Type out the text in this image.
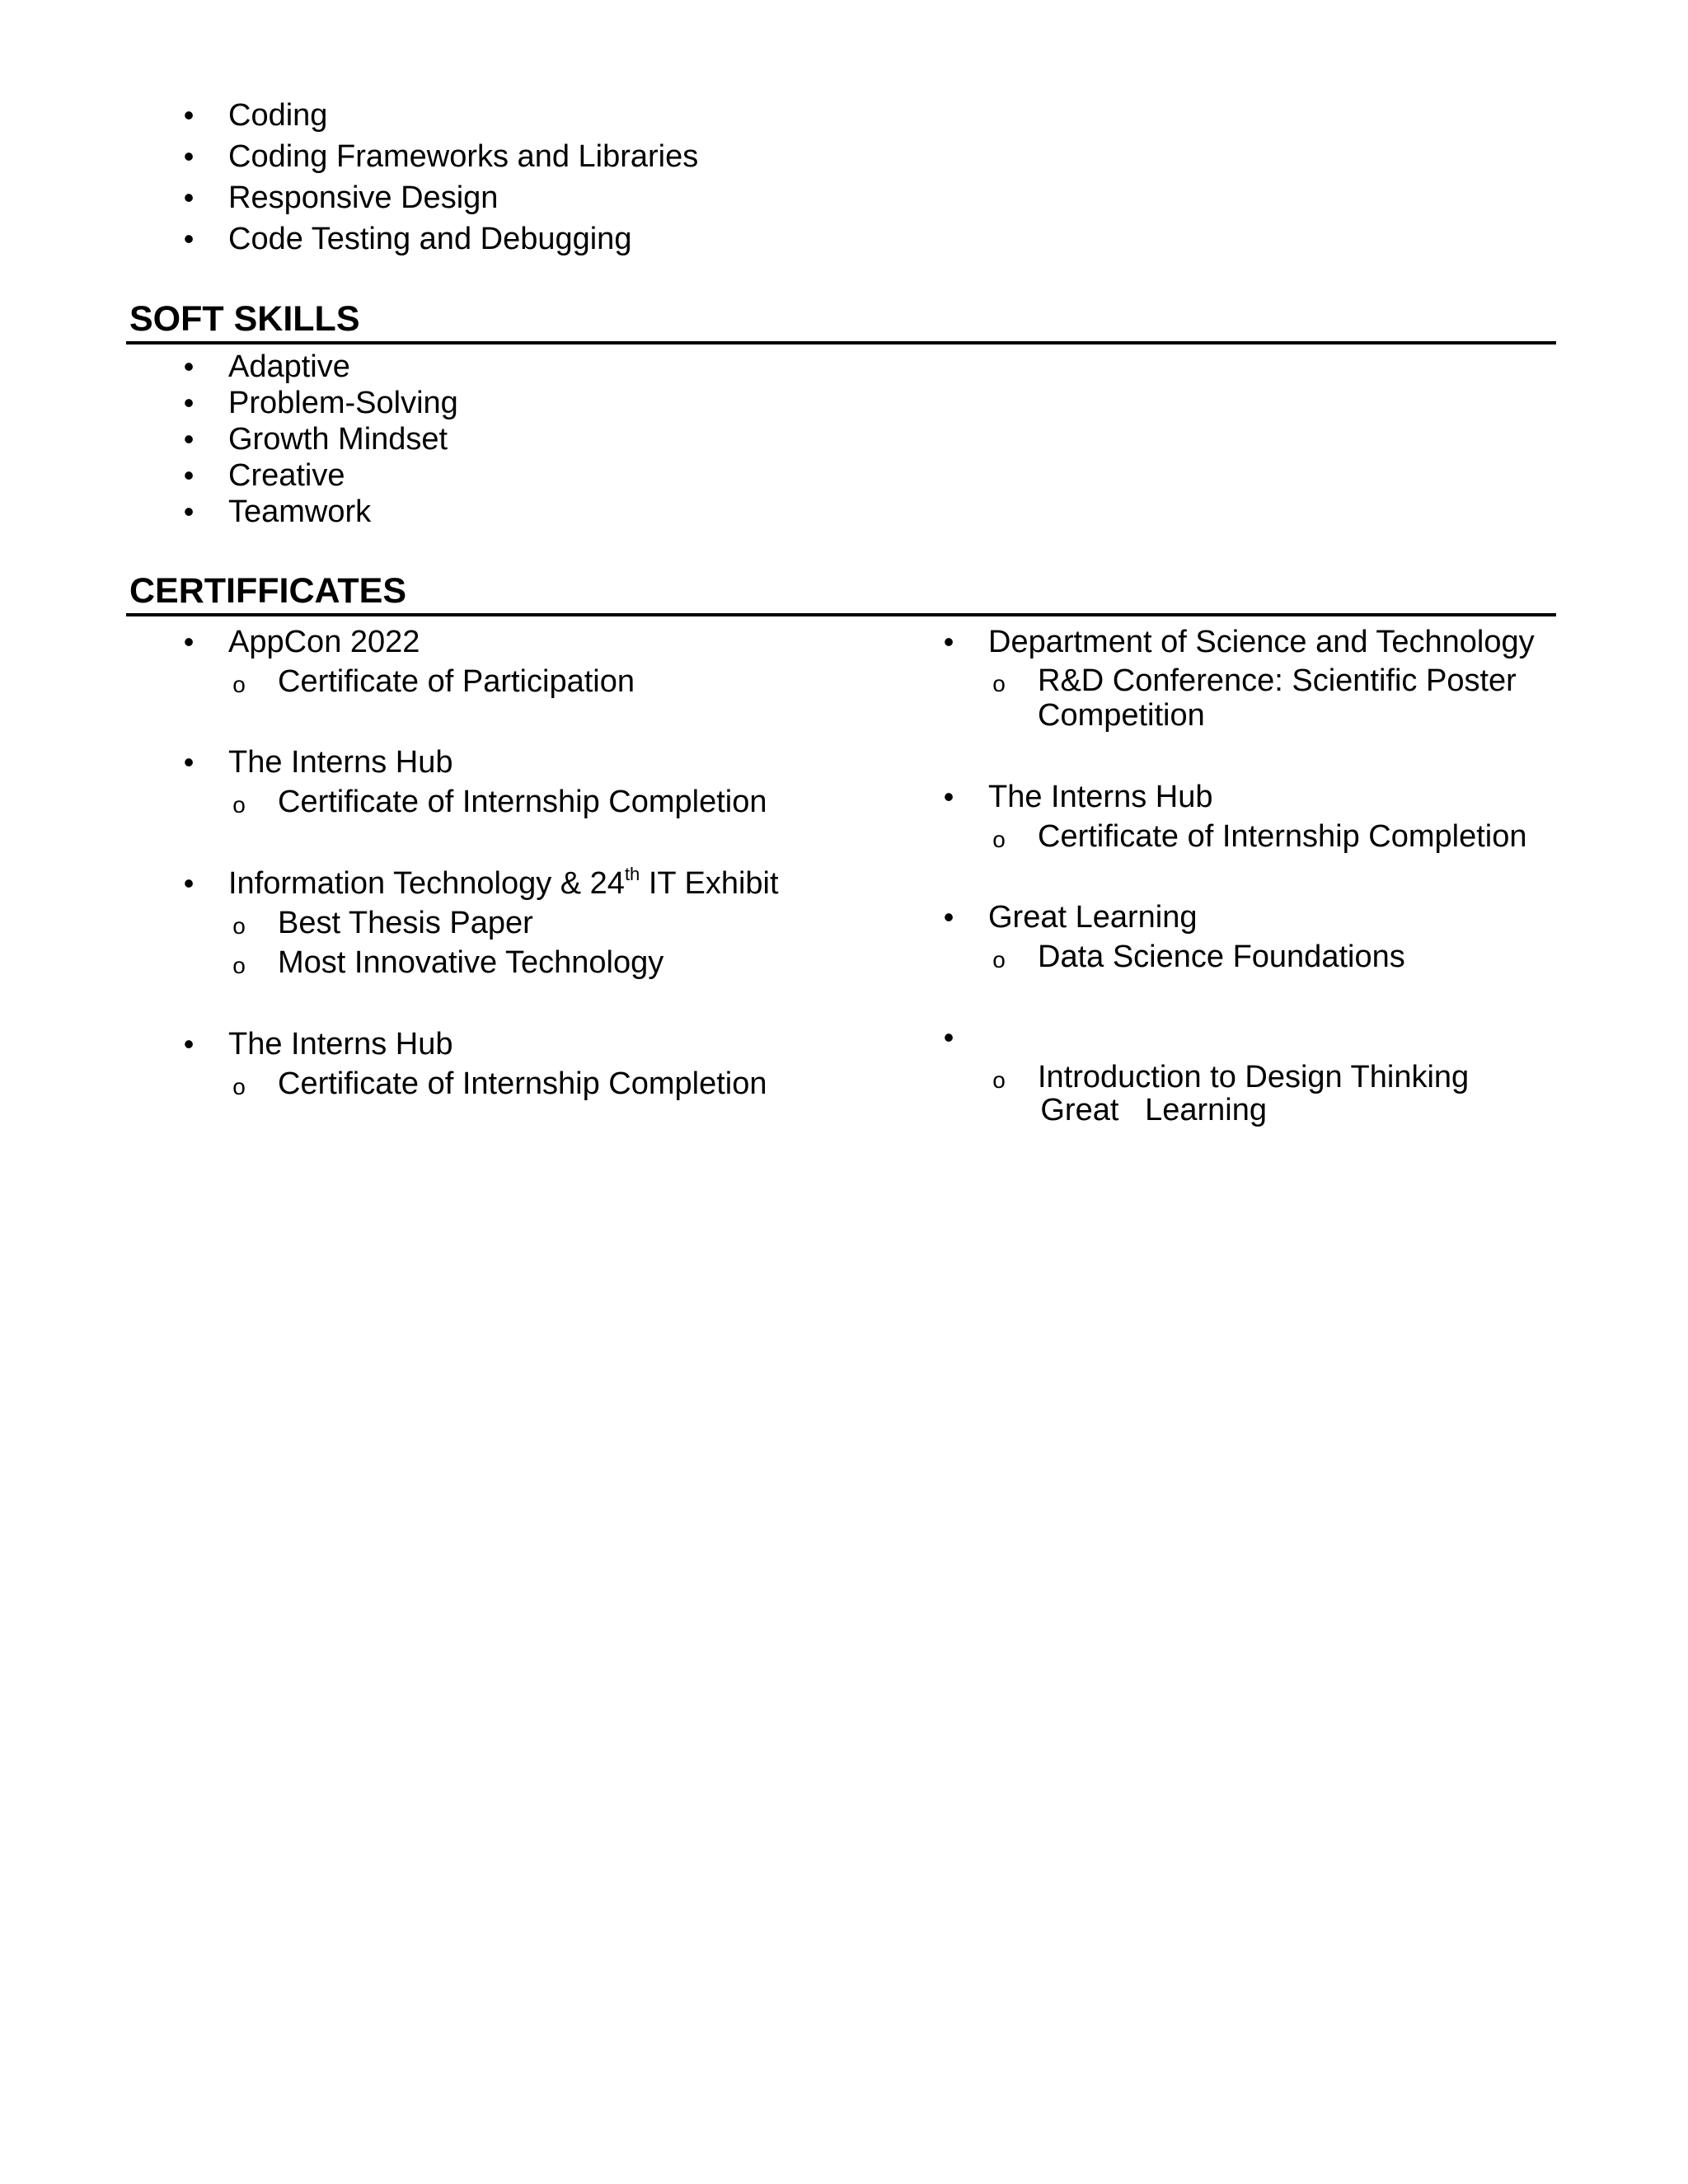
• Coding
• Coding Frameworks and Libraries
• Responsive Design
• Code Testing and Debugging
SOFT SKILLS
• Adaptive
• Problem-Solving
• Growth Mindset
• Creative
• Teamwork
CERTIFFICATES
• AppCon 2022
o Certificate of Participation
• The Interns Hub
o Certificate of Internship Completion
• Information Technology & 24th IT Exhibit
o Best Thesis Paper
o Most Innovative Technology
• The Interns Hub
o Certificate of Internship Completion
• Department of Science and Technology
o R&D Conference: Scientific Poster Competition
• The Interns Hub
o Certificate of Internship Completion
• Great Learning
o Data Science Foundations

•

Great   Learning

o Introduction to Design Thinking
